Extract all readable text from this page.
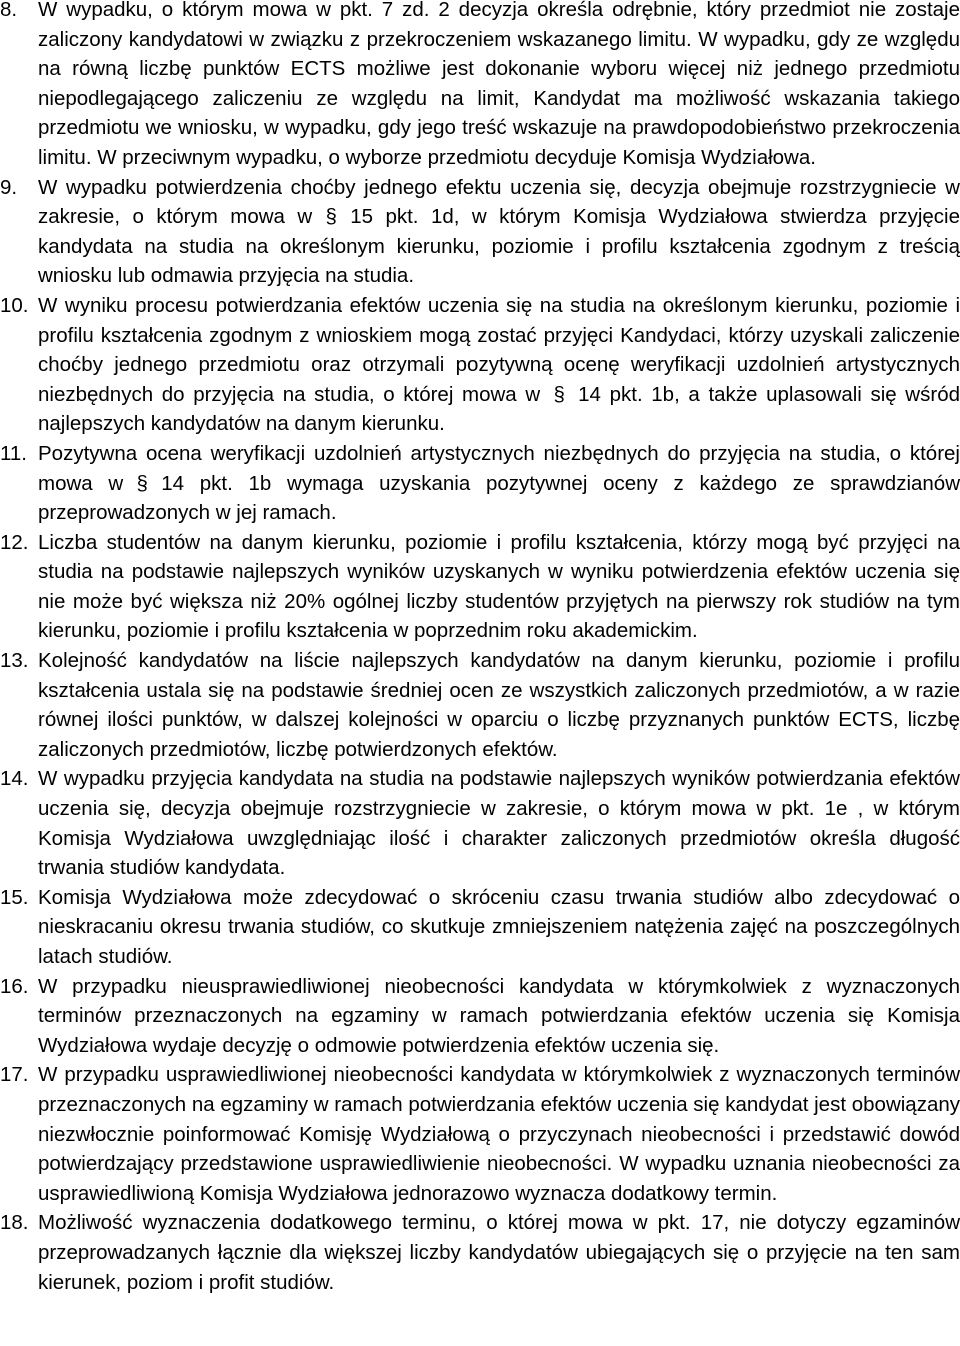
8.	W wypadku, o którym mowa w pkt. 7 zd. 2 decyzja określa odrębnie, który przedmiot nie zostaje zaliczony kandydatowi w związku z przekroczeniem wskazanego limitu. W wypadku, gdy ze względu na równą liczbę punktów ECTS możliwe jest dokonanie wyboru więcej niż jednego przedmiotu niepodlegającego zaliczeniu ze względu na limit, Kandydat ma możliwość wskazania takiego przedmiotu we wniosku, w wypadku, gdy jego treść wskazuje na prawdopodobieństwo przekroczenia limitu. W przeciwnym wypadku, o wyborze przedmiotu decyduje Komisja Wydziałowa.
9.	W wypadku potwierdzenia choćby jednego efektu uczenia się, decyzja obejmuje rozstrzygniecie w zakresie, o którym mowa w § 15 pkt. 1d, w którym Komisja Wydziałowa stwierdza przyjęcie kandydata na studia na określonym kierunku, poziomie i profilu kształcenia zgodnym z treścią wniosku lub odmawia przyjęcia na studia.
10. W wyniku procesu potwierdzania efektów uczenia się na studia na określonym kierunku, poziomie i profilu kształcenia zgodnym z wnioskiem mogą zostać przyjęci Kandydaci, którzy uzyskali zaliczenie choćby jednego przedmiotu oraz otrzymali pozytywną ocenę weryfikacji uzdolnień artystycznych niezbędnych do przyjęcia na studia, o której mowa w § 14 pkt. 1b, a także uplasowali się wśród najlepszych kandydatów na danym kierunku.
11. Pozytywna ocena weryfikacji uzdolnień artystycznych niezbędnych do przyjęcia na studia, o której mowa w § 14 pkt. 1b wymaga uzyskania pozytywnej oceny z każdego ze sprawdzianów przeprowadzonych w jej ramach.
12. Liczba studentów na danym kierunku, poziomie i profilu kształcenia, którzy mogą być przyjęci na studia na podstawie najlepszych wyników uzyskanych w wyniku potwierdzenia efektów uczenia się nie może być większa niż 20% ogólnej liczby studentów przyjętych na pierwszy rok studiów na tym kierunku, poziomie i profilu kształcenia w poprzednim roku akademickim.
13. Kolejność kandydatów na liście najlepszych kandydatów na danym kierunku, poziomie i profilu kształcenia ustala się na podstawie średniej ocen ze wszystkich zaliczonych przedmiotów, a w razie równej ilości punktów, w dalszej kolejności w oparciu o liczbę przyznanych punktów ECTS, liczbę zaliczonych przedmiotów, liczbę potwierdzonych efektów.
14. W wypadku przyjęcia kandydata na studia na podstawie najlepszych wyników potwierdzania efektów uczenia się, decyzja obejmuje rozstrzygniecie w zakresie, o którym mowa w pkt. 1e , w którym Komisja Wydziałowa uwzględniając ilość i charakter zaliczonych przedmiotów określa długość trwania studiów kandydata.
15. Komisja Wydziałowa może zdecydować o skróceniu czasu trwania studiów albo zdecydować o nieskracaniu okresu trwania studiów, co skutkuje zmniejszeniem natężenia zajęć na poszczególnych latach studiów.
16. W przypadku nieusprawiedliwionej nieobecności kandydata w którymkolwiek z wyznaczonych terminów przeznaczonych na egzaminy w ramach potwierdzania efektów uczenia się Komisja Wydziałowa wydaje decyzję o odmowie potwierdzenia efektów uczenia się.
17. W przypadku usprawiedliwionej nieobecności kandydata w którymkolwiek z wyznaczonych terminów przeznaczonych na egzaminy w ramach potwierdzania efektów uczenia się kandydat jest obowiązany niezwłocznie poinformować Komisję Wydziałową o przyczynach nieobecności i przedstawić dowód potwierdzający przedstawione usprawiedliwienie nieobecności. W wypadku uznania nieobecności za usprawiedliwioną Komisja Wydziałowa jednorazowo wyznacza dodatkowy termin.
18. Możliwość wyznaczenia dodatkowego terminu, o której mowa w pkt. 17, nie dotyczy egzaminów przeprowadzanych łącznie dla większej liczby kandydatów ubiegających się o przyjęcie na ten sam kierunek, poziom i profit studiów.
